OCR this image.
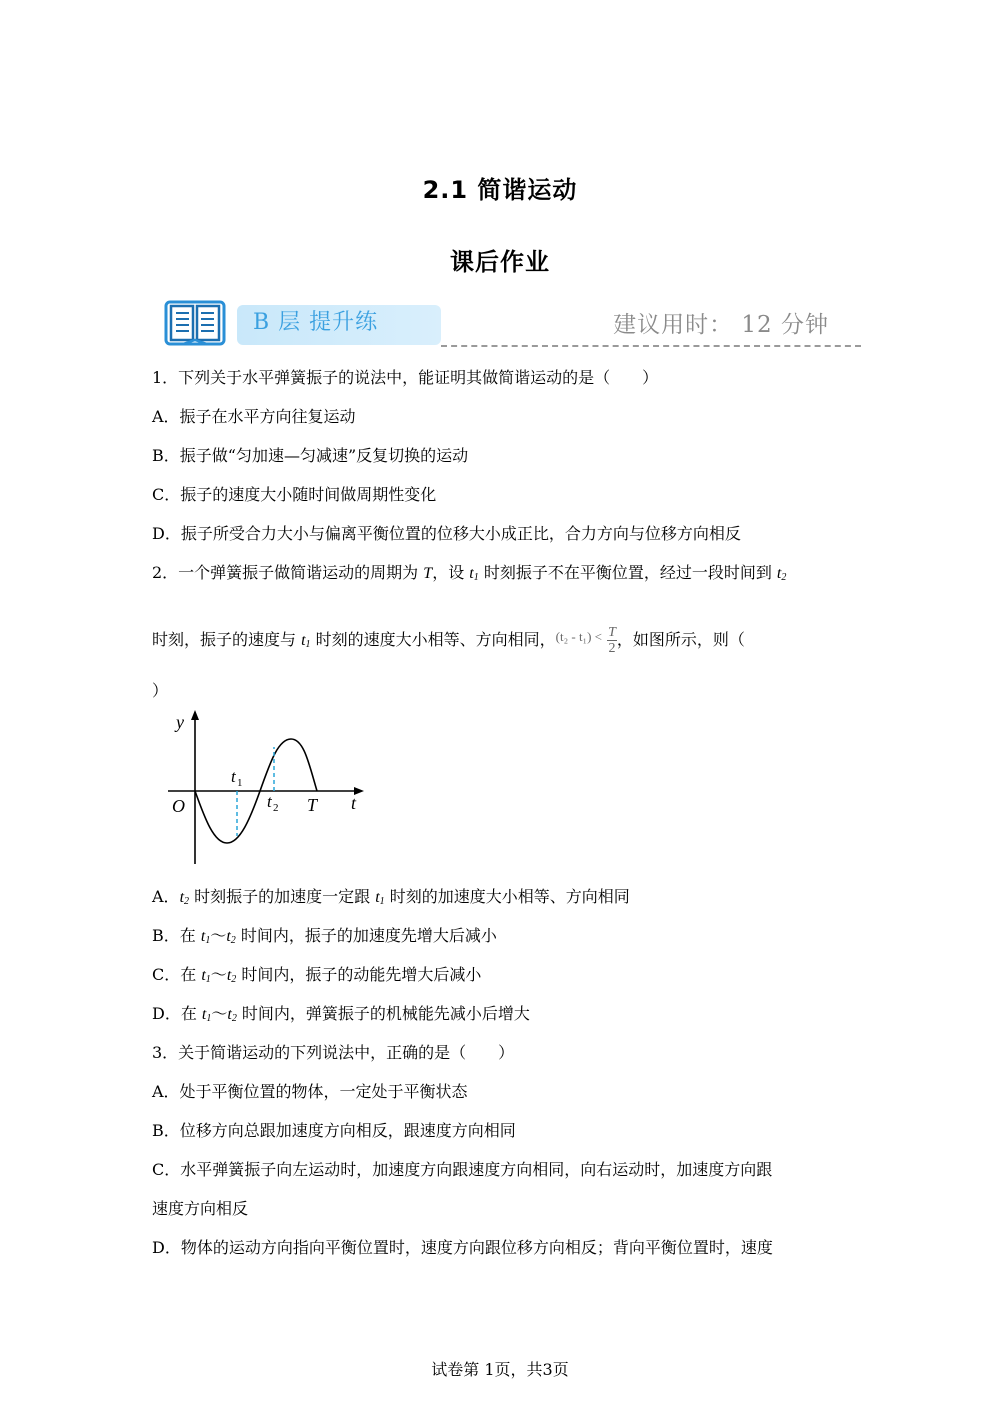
2.1 简谐运动
课后作业
B 层 提升练	建议用时： 12 分钟
1．下列关于水平弹簧振子的说法中，能证明其做简谐运动的是（　　）
A．振子在水平方向往复运动
B．振子做“匀加速—匀减速”反复切换的运动
C．振子的速度大小随时间做周期性变化
D．振子所受合力大小与偏离平衡位置的位移大小成正比，合力方向与位移方向相反
2．一个弹簧振子做简谐运动的周期为 T，设 $t_1$ 时刻振子不在平衡位置，经过一段时间到 $t_2$
时刻，振子的速度与 $t_1$ 时刻的速度大小相等、方向相同，$^{(t_2 - t_1) <} \frac{T}{2}$ ，如图所示，则（
）
y
t
O
t 1
t 2 T
A．$t_2$ 时刻振子的加速度一定跟 $t_1$ 时刻的加速度大小相等、方向相同
B．在 $t_1\sim t_2$ 时间内，振子的加速度先增大后减小
C．在 $t_1\sim t_2$ 时间内，振子的动能先增大后减小
D．在 $t_1\sim t_2$ 时间内，弹簧振子的机械能先减小后增大
3．关于简谐运动的下列说法中，正确的是（　　）
A．处于平衡位置的物体，一定处于平衡状态
B．位移方向总跟加速度方向相反，跟速度方向相同
C．水平弹簧振子向左运动时，加速度方向跟速度方向相同，向右运动时，加速度方向跟
速度方向相反
D．物体的运动方向指向平衡位置时，速度方向跟位移方向相反；背向平衡位置时，速度
试卷第 1页，共3页
